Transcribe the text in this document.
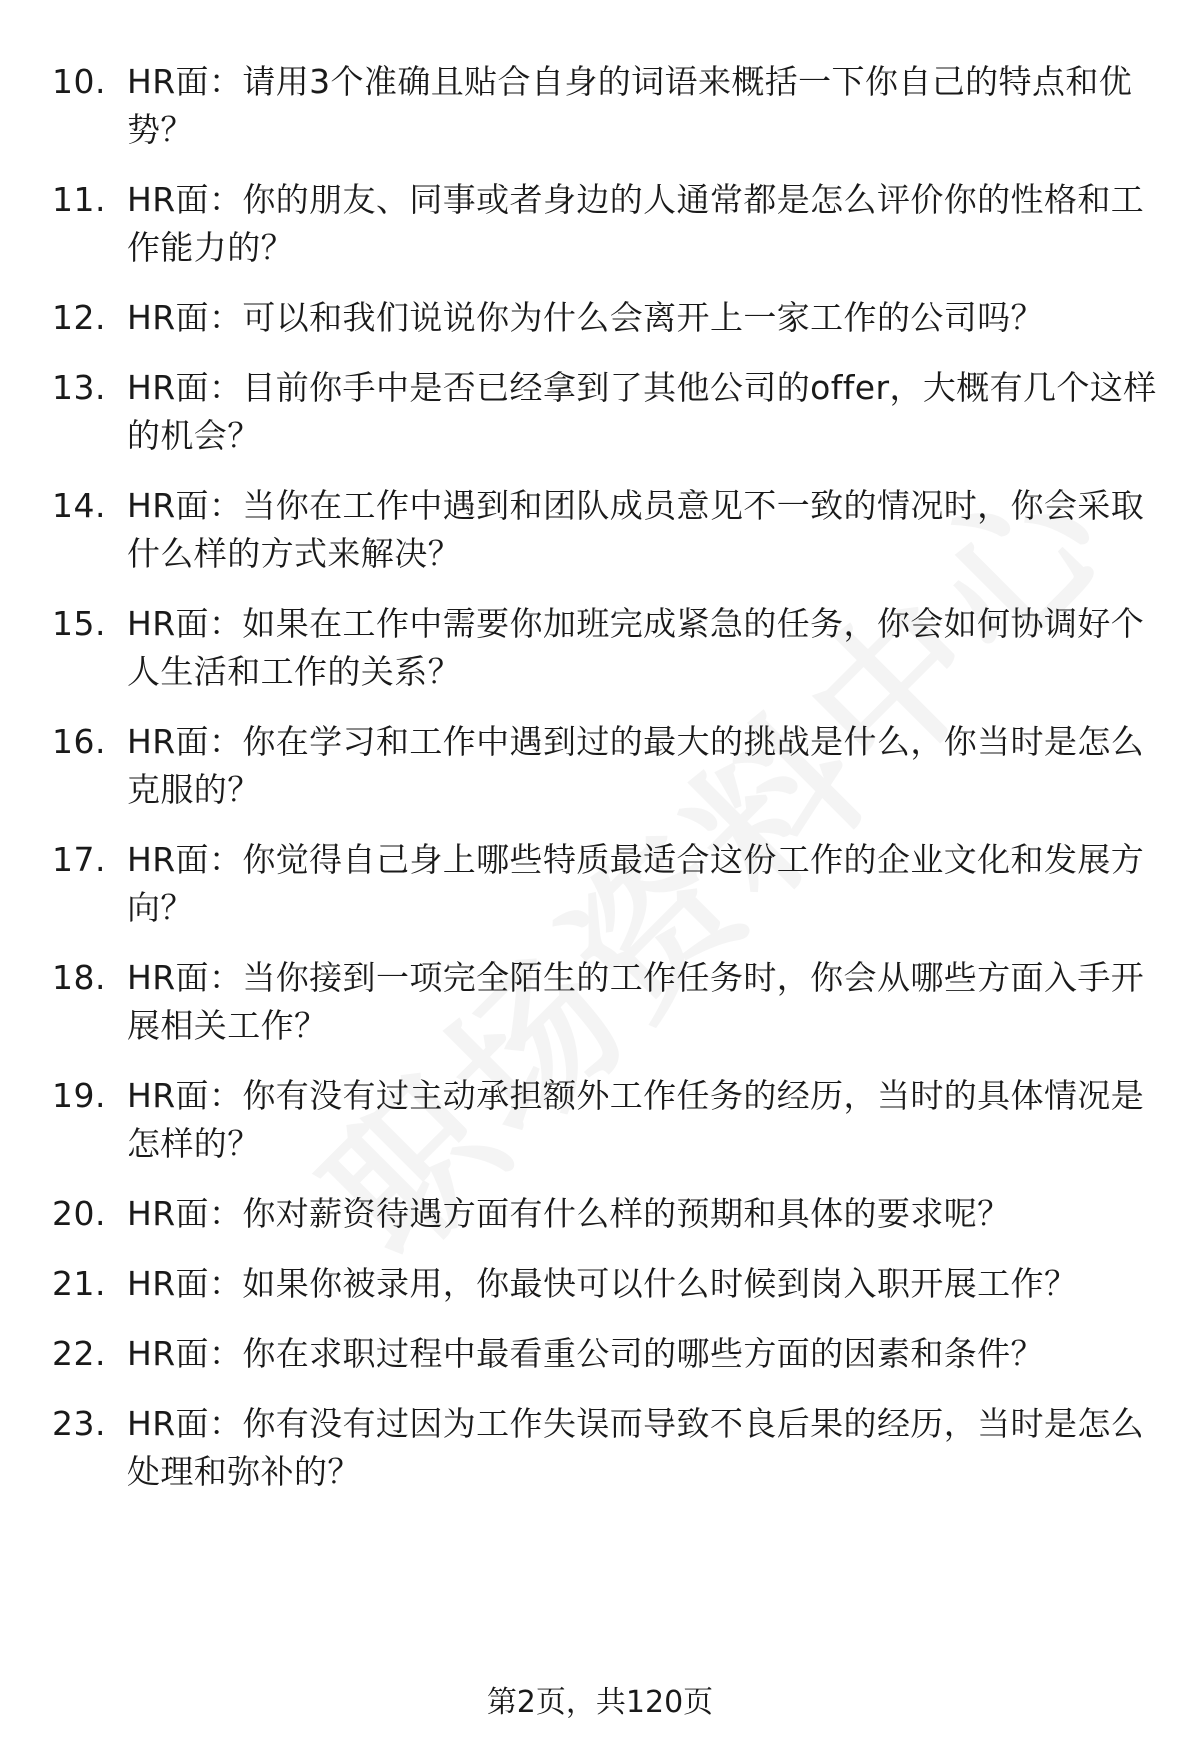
10. HR面：请用3个准确且贴合自身的词语来概括一下你自己的特点和优势？
11. HR面：你的朋友、同事或者身边的人通常都是怎么评价你的性格和工作能力的？
12. HR面：可以和我们说说你为什么会离开上一家工作的公司吗？
13. HR面：目前你手中是否已经拿到了其他公司的offer，大概有几个这样的机会？
14. HR面：当你在工作中遇到和团队成员意见不一致的情况时，你会采取什么样的方式来解决？
15. HR面：如果在工作中需要你加班完成紧急的任务，你会如何协调好个人生活和工作的关系？
16. HR面：你在学习和工作中遇到过的最大的挑战是什么，你当时是怎么克服的？
17. HR面：你觉得自己身上哪些特质最适合这份工作的企业文化和发展方向？
18. HR面：当你接到一项完全陌生的工作任务时，你会从哪些方面入手开展相关工作？
19. HR面：你有没有过主动承担额外工作任务的经历，当时的具体情况是怎样的？
20. HR面：你对薪资待遇方面有什么样的预期和具体的要求呢？
21. HR面：如果你被录用，你最快可以什么时候到岗入职开展工作？
22. HR面：你在求职过程中最看重公司的哪些方面的因素和条件？
23. HR面：你有没有过因为工作失误而导致不良后果的经历，当时是怎么处理和弥补的？
第2页，共120页
